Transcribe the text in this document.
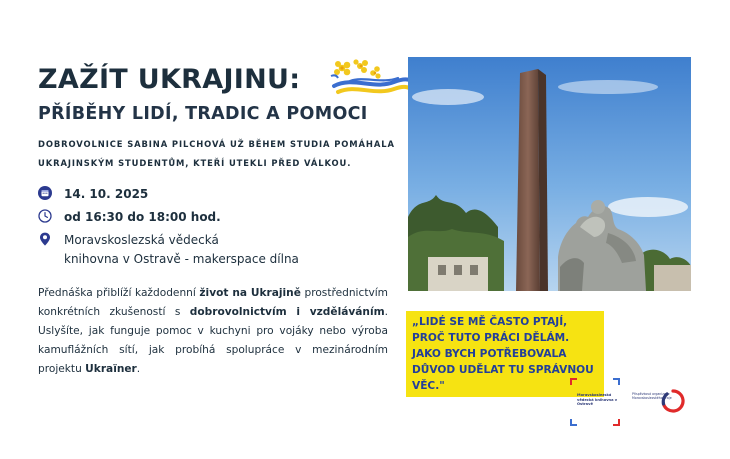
ZAŽÍT UKRAJINU:
PŘÍBĚHY LIDÍ, TRADIC A POMOCI
DOBROVOLNICE SABINA PILCHOVÁ UŽ BĚHEM STUDIA POMÁHALA UKRAJINSKÝM STUDENTŮM, KTEŘÍ UTEKLI PŘED VÁLKOU.
14. 10. 2025
od 16:30 do 18:00 hod.
Moravskoslezská vědecká
knihovna v Ostravě - makerspace dílna
Přednáška přiblíží každodenní život na Ukrajině prostřednictvím konkrétních zkušeností s dobrovolnictvím i vzděláváním. Uslyšíte, jak funguje pomoc v kuchyni pro vojáky nebo výroba kamuflážních sítí, jak probíhá spolupráce v mezinárodním projektu Ukraïner.
„LIDÉ SE MĚ ČASTO PTAJÍ, PROČ TUTO PRÁCI DĚLÁM. JAKO BYCH POTŘEBOVALA DŮVOD UDĚLAT TU SPRÁVNOU VĚC."
Moravskoslezská vědecká knihovna v Ostravě
Přispěvková organizace Moravskoslezského kraje
